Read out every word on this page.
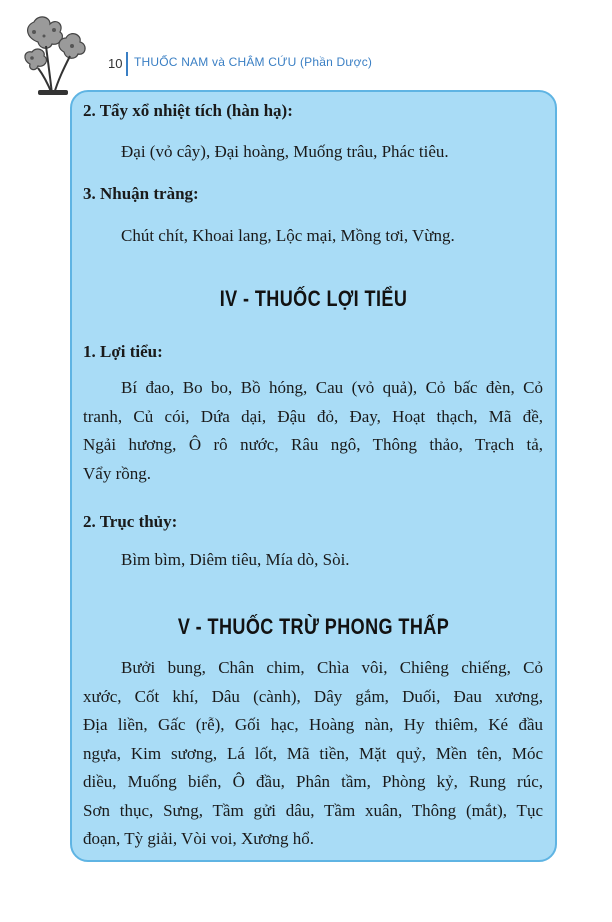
10 THUỐC NAM và CHÂM CỨU (Phần Dược)
2. Tẩy xổ nhiệt tích (hàn hạ):
Đại (vỏ cây), Đại hoàng, Muống trâu, Phác tiêu.
3. Nhuận tràng:
Chút chít, Khoai lang, Lộc mại, Mồng tơi, Vừng.
IV - THUỐC LỢI TIỂU
1. Lợi tiểu:
Bí đao, Bo bo, Bồ hóng, Cau (vỏ quả), Cỏ bấc đèn, Cỏ
tranh, Củ cói, Dứa dại, Đậu đỏ, Đay, Hoạt thạch, Mã đề,
Ngải hương, Ô rô nước, Râu ngô, Thông thảo, Trạch tả,
Vẩy rồng.
2. Trục thủy:
Bìm bìm, Diêm tiêu, Mía dò, Sòi.
V - THUỐC TRỪ PHONG THẤP
Bưởi bung, Chân chim, Chìa vôi, Chiêng chiếng, Cỏ
xước, Cốt khí, Dâu (cành), Dây gắm, Duối, Đau xương,
Địa liền, Gấc (rễ), Gối hạc, Hoàng nàn, Hy thiêm, Ké đầu
ngựa, Kim sương, Lá lốt, Mã tiền, Mặt quỷ, Mền tên, Móc
diều, Muống biển, Ô đầu, Phân tầm, Phòng kỷ, Rung rúc,
Sơn thục, Sưng, Tầm gửi dâu, Tầm xuân, Thông (mắt), Tục
đoạn, Tỳ giải, Vòi voi, Xương hổ.
